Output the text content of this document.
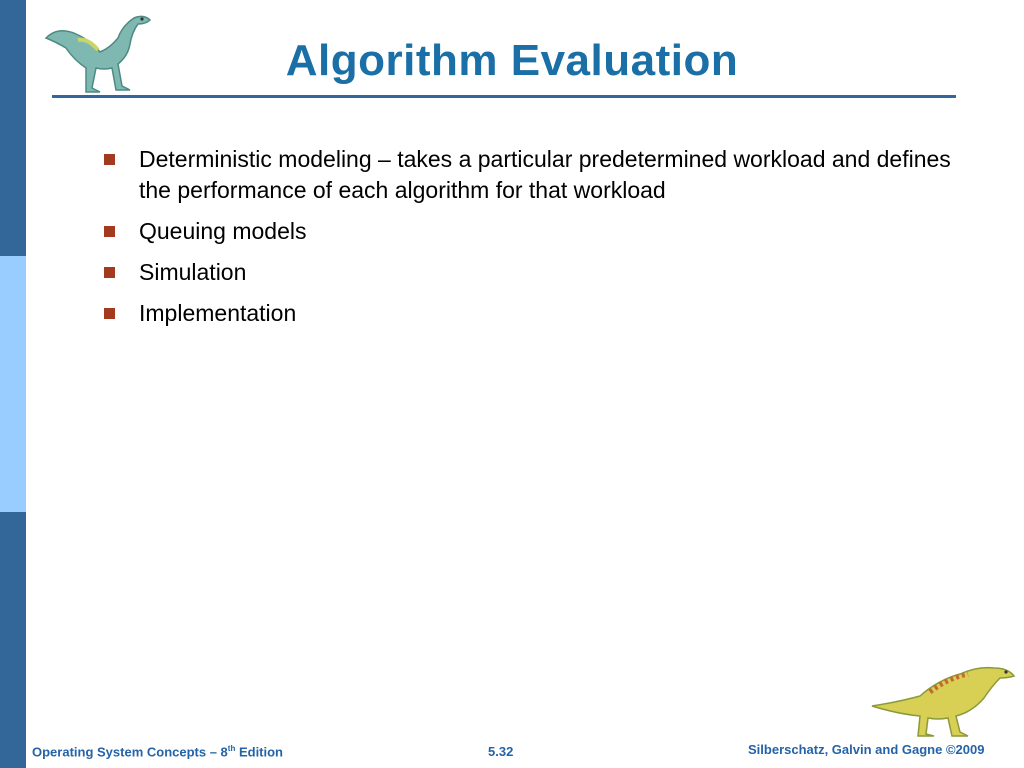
Algorithm Evaluation
Deterministic modeling – takes a particular predetermined workload and defines the performance of each algorithm for that workload
Queuing models
Simulation
Implementation
Operating System Concepts – 8th Edition	5.32	Silberschatz, Galvin and Gagne ©2009
